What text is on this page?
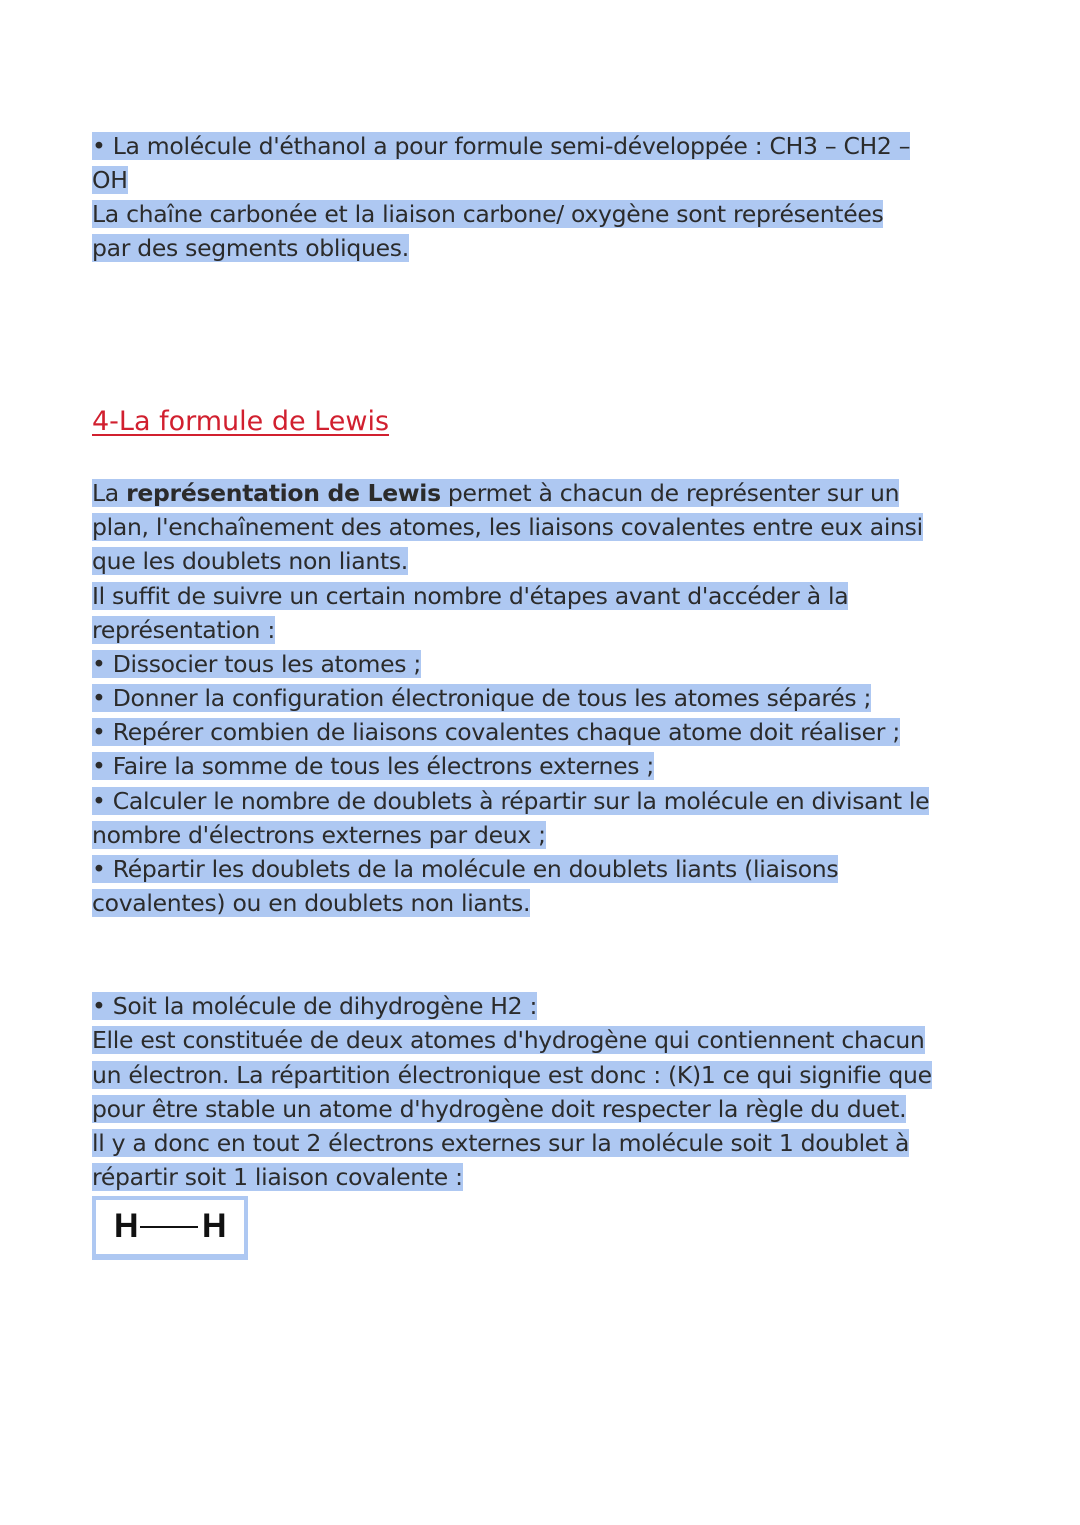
• La molécule d'éthanol a pour formule semi-développée : CH3 – CH2 –
OH
La chaîne carbonée et la liaison carbone/ oxygène sont représentées
par des segments obliques.
4-La formule de Lewis
La représentation de Lewis permet à chacun de représenter sur un
plan, l'enchaînement des atomes, les liaisons covalentes entre eux ainsi
que les doublets non liants.
Il suffit de suivre un certain nombre d'étapes avant d'accéder à la
représentation :
• Dissocier tous les atomes ;
• Donner la configuration électronique de tous les atomes séparés ;
• Repérer combien de liaisons covalentes chaque atome doit réaliser ;
• Faire la somme de tous les électrons externes ;
• Calculer le nombre de doublets à répartir sur la molécule en divisant le
nombre d'électrons externes par deux ;
• Répartir les doublets de la molécule en doublets liants (liaisons
covalentes) ou en doublets non liants.
• Soit la molécule de dihydrogène H2 :
Elle est constituée de deux atomes d'hydrogène qui contiennent chacun
un électron. La répartition électronique est donc : (K)1 ce qui signifie que
pour être stable un atome d'hydrogène doit respecter la règle du duet.
ll y a donc en tout 2 électrons externes sur la molécule soit 1 doublet à
répartir soit 1 liaison covalente :
H H
